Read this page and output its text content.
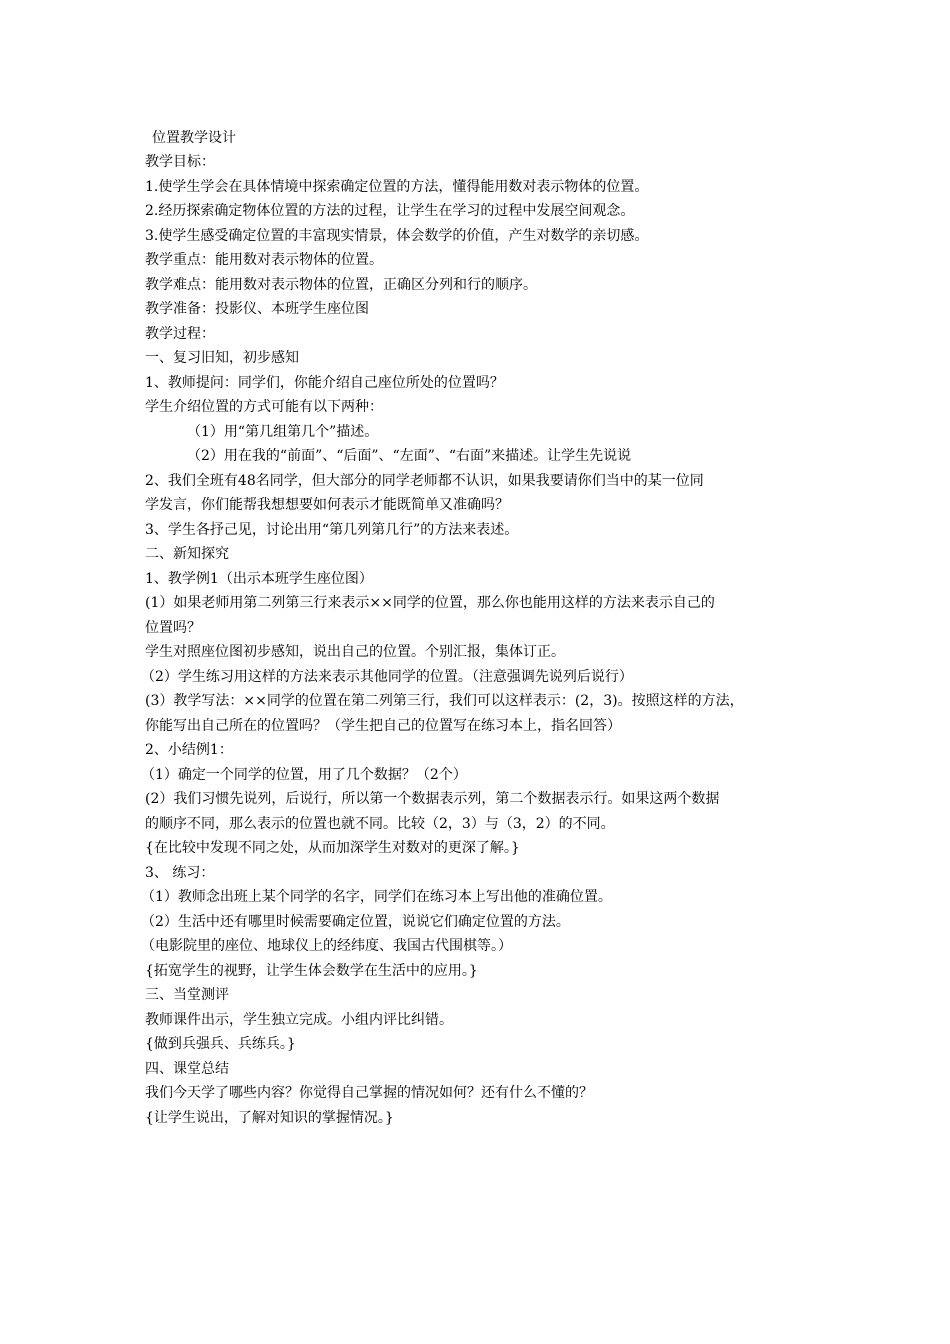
位置教学设计
教学目标：
1.使学生学会在具体情境中探索确定位置的方法，懂得能用数对表示物体的位置。
2.经历探索确定物体位置的方法的过程，让学生在学习的过程中发展空间观念。
3.使学生感受确定位置的丰富现实情景，体会数学的价值，产生对数学的亲切感。
教学重点：能用数对表示物体的位置。
教学难点：能用数对表示物体的位置，正确区分列和行的顺序。
教学准备：投影仪、本班学生座位图
教学过程：
一、复习旧知，初步感知
1、教师提问：同学们，你能介绍自己座位所处的位置吗？
学生介绍位置的方式可能有以下两种：
（1）用“第几组第几个”描述。
（2）用在我的“前面”、“后面”、“左面”、“右面”来描述。让学生先说说
2、我们全班有48名同学，但大部分的同学老师都不认识，如果我要请你们当中的某一位同
学发言，你们能帮我想想要如何表示才能既简单又准确吗？
3、学生各抒己见，讨论出用“第几列第几行”的方法来表述。
二、新知探究
1、教学例1（出示本班学生座位图）
(1）如果老师用第二列第三行来表示××同学的位置，那么你也能用这样的方法来表示自己的
位置吗？
学生对照座位图初步感知，说出自己的位置。个别汇报，集体订正。
（2）学生练习用这样的方法来表示其他同学的位置。（注意强调先说列后说行）
(3）教学写法：××同学的位置在第二列第三行，我们可以这样表示：(2，3)。按照这样的方法，
你能写出自己所在的位置吗？（学生把自己的位置写在练习本上，指名回答）
2、小结例1：
（1）确定一个同学的位置，用了几个数据？（2个）
(2）我们习惯先说列，后说行，所以第一个数据表示列，第二个数据表示行。如果这两个数据
的顺序不同，那么表示的位置也就不同。比较（2，3）与（3，2）的不同。
{在比较中发现不同之处，从而加深学生对数对的更深了解。}
3、 练习：
（1）教师念出班上某个同学的名字，同学们在练习本上写出他的准确位置。
（2）生活中还有哪里时候需要确定位置，说说它们确定位置的方法。
（电影院里的座位、地球仪上的经纬度、我国古代围棋等。）
{拓宽学生的视野，让学生体会数学在生活中的应用。}
三、当堂测评
教师课件出示，学生独立完成。小组内评比纠错。
{做到兵强兵、兵练兵。}
四、课堂总结
我们今天学了哪些内容？你觉得自己掌握的情况如何？还有什么不懂的？
{让学生说出，了解对知识的掌握情况。}
